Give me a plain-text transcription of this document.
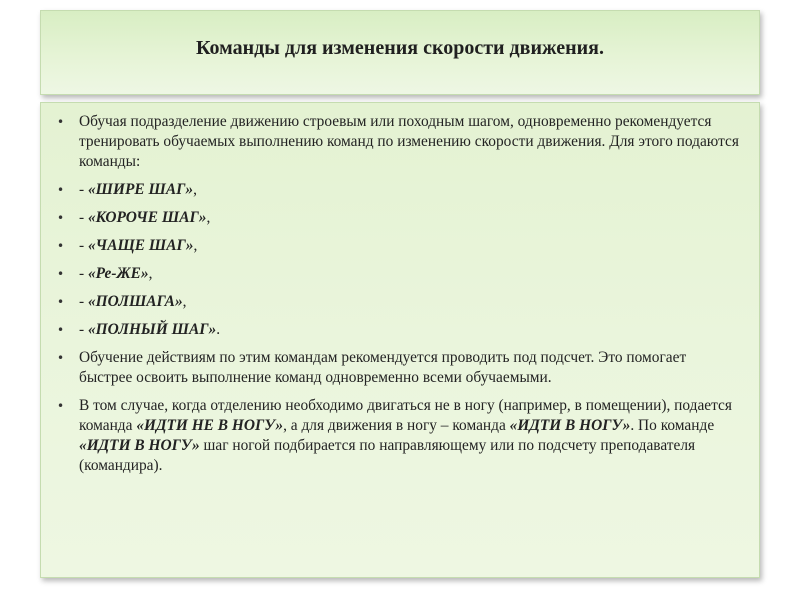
Команды для изменения скорости движения.
• Обучая подразделение движению строевым или походным шагом, одновременно рекомендуется тренировать обучаемых выполнению команд по изменению скорости движения. Для этого подаются команды:
• - «ШИРЕ ШАГ»,
• - «КОРОЧЕ ШАГ»,
• - «ЧАЩЕ ШАГ»,
• - «Ре-ЖЕ»,
• - «ПОЛШАГА»,
• - «ПОЛНЫЙ ШАГ».
• Обучение действиям по этим командам рекомендуется проводить под подсчет. Это помогает быстрее освоить выполнение команд одновременно всеми обучаемыми.
• В том случае, когда отделению необходимо двигаться не в ногу (например, в помещении), подается команда «ИДТИ НЕ В НОГУ», а для движения в ногу – команда «ИДТИ В НОГУ». По команде «ИДТИ В НОГУ» шаг ногой подбирается по направляющему или по подсчету преподавателя (командира).
